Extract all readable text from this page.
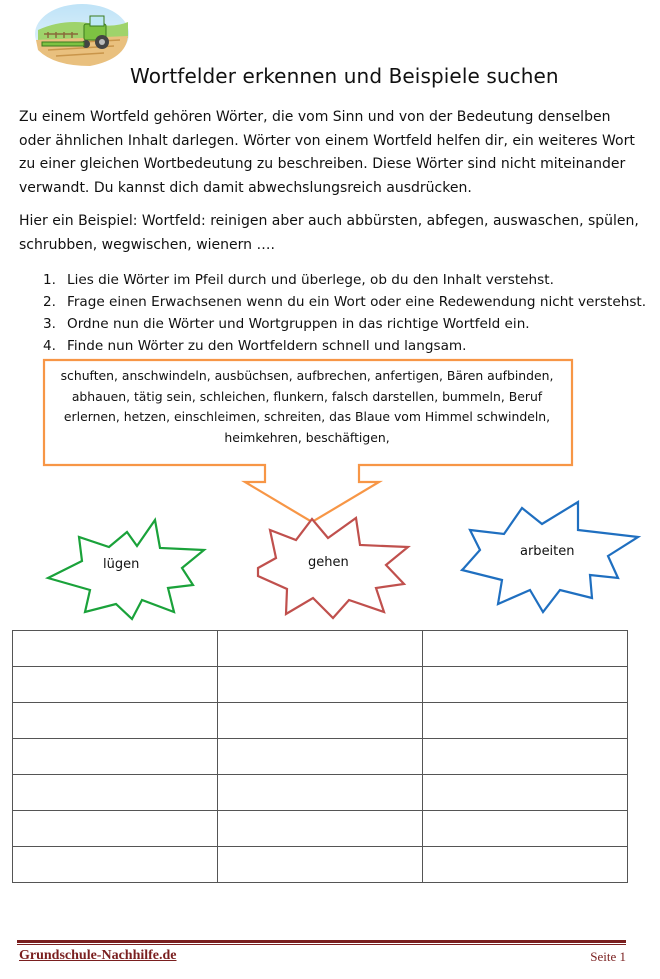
Wortfelder erkennen und Beispiele suchen

Zu einem Wortfeld gehören Wörter, die vom Sinn und von der Bedeutung denselben oder ähnlichen Inhalt darlegen. Wörter von einem Wortfeld helfen dir, ein weiteres Wort zu einer gleichen Wortbedeutung zu beschreiben. Diese Wörter sind nicht miteinander verwandt. Du kannst dich damit abwechslungsreich ausdrücken.

Hier ein Beispiel: Wortfeld: reinigen aber auch abbürsten, abfegen, auswaschen, spülen, schrubben, wegwischen, wienern ….

1. Lies die Wörter im Pfeil durch und überlege, ob du den Inhalt verstehst.
2. Frage einen Erwachsenen wenn du ein Wort oder eine Redewendung nicht verstehst.
3. Ordne nun die Wörter und Wortgruppen in das richtige Wortfeld ein.
4. Finde nun Wörter zu den Wortfeldern schnell und langsam.
schuften, anschwindeln, ausbüchsen, aufbrechen, anfertigen, Bären aufbinden, abhauen, tätig sein, schleichen, flunkern, falsch darstellen, bummeln, Beruf erlernen, hetzen, einschleimen, schreiten, das Blaue vom Himmel schwindeln, heimkehren, beschäftigen,
lügen	gehen
arbeiten

Grundschule-Nachhilfe.de	Seite 1
